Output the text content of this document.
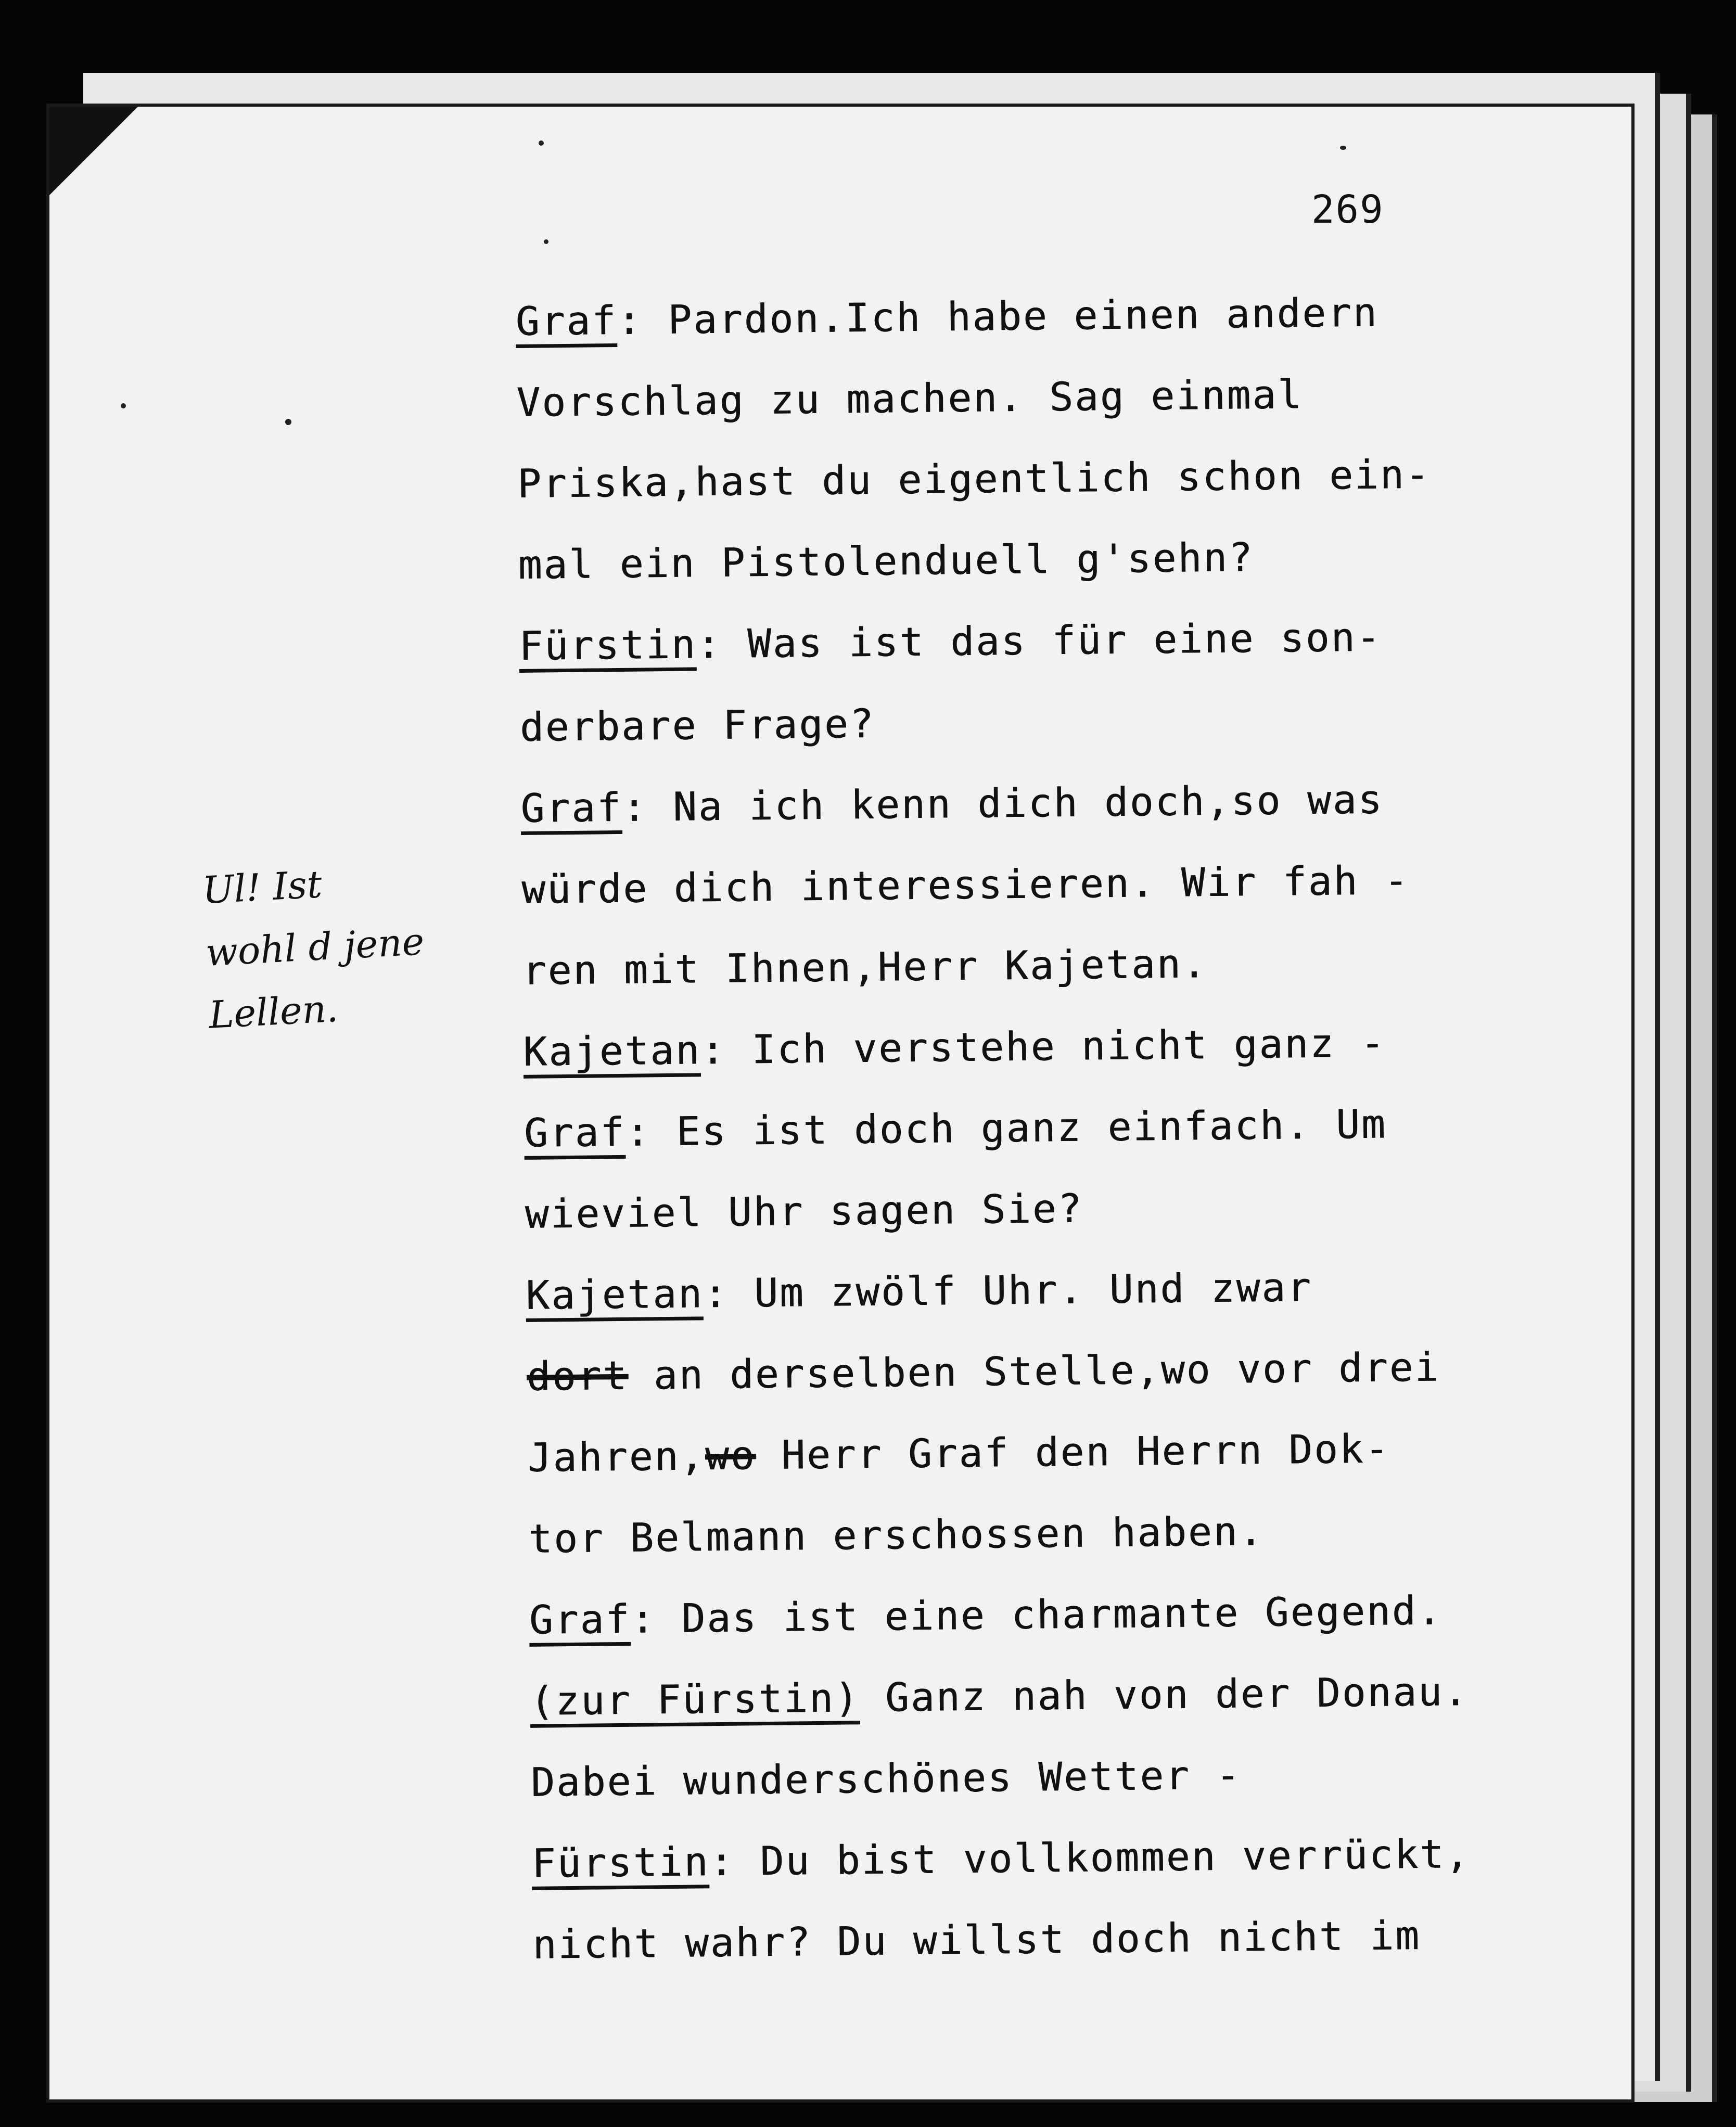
269
Ul! Ist
wohl d jene
Lellen.
Graf: Pardon.Ich habe einen andern
Vorschlag zu machen. Sag einmal
Priska,hast du eigentlich schon ein-
mal ein Pistolenduell g'sehn?
Fürstin: Was ist das für eine son-
derbare Frage?
Graf: Na ich kenn dich doch,so was
würde dich interessieren. Wir fah -
ren mit Ihnen,Herr Kajetan.
Kajetan: Ich verstehe nicht ganz -
Graf: Es ist doch ganz einfach. Um
wieviel Uhr sagen Sie?
Kajetan: Um zwölf Uhr. Und zwar
dort an derselben Stelle,wo vor drei
Jahren,wo Herr Graf den Herrn Dok-
tor Belmann erschossen haben.
Graf: Das ist eine charmante Gegend.
(zur Fürstin) Ganz nah von der Donau.
Dabei wunderschönes Wetter -
Fürstin: Du bist vollkommen verrückt,
nicht wahr? Du willst doch nicht im
